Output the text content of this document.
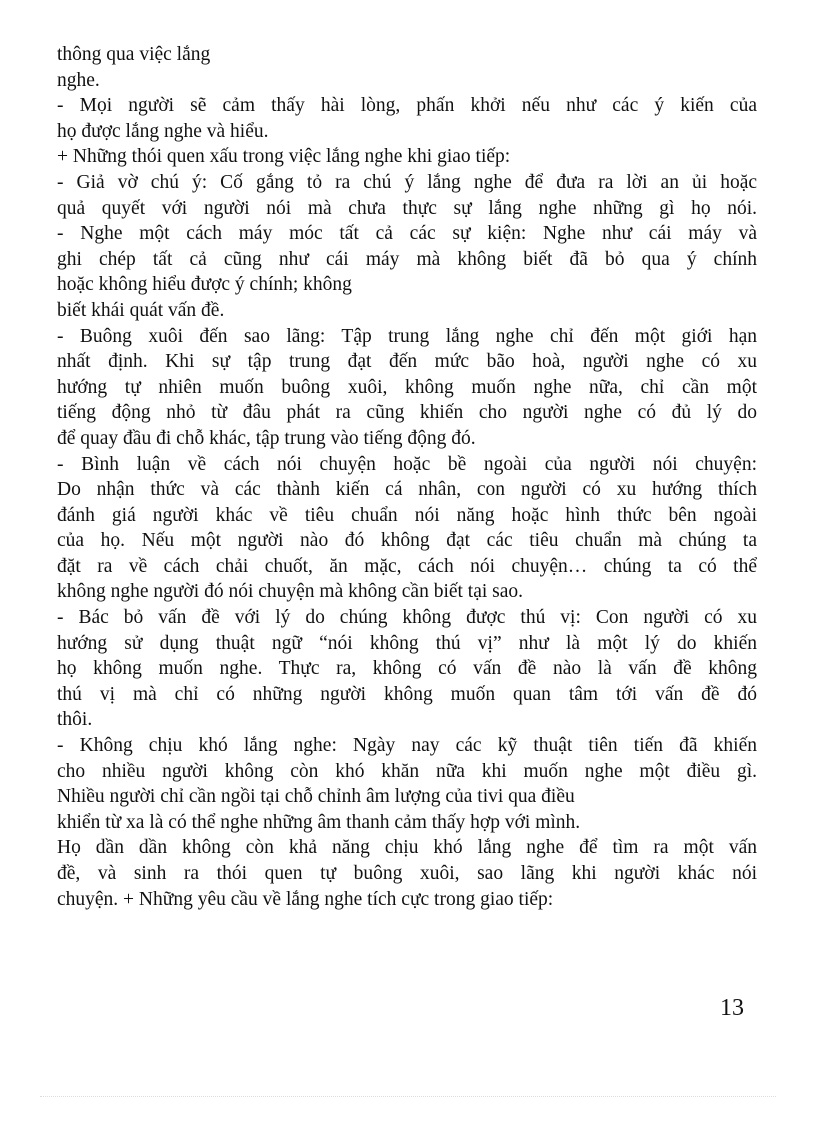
thông qua việc lắng
nghe.
- Mọi người sẽ cảm thấy hài lòng, phấn khởi nếu như các ý kiến của
họ được lắng nghe và hiểu.
+ Những thói quen xấu trong việc lắng nghe khi giao tiếp:
- Giả vờ chú ý: Cố gắng tỏ ra chú ý lắng nghe để đưa ra lời an ủi hoặc
quả quyết với người nói mà chưa thực sự lắng nghe những gì họ nói.
- Nghe một cách máy móc tất cả các sự kiện: Nghe như cái máy và
ghi chép tất cả cũng như cái máy mà không biết đã bỏ qua ý chính
hoặc không hiểu được ý chính; không
biết khái quát vấn đề.
- Buông xuôi đến sao lãng: Tập trung lắng nghe chỉ đến một giới hạn
nhất định. Khi sự tập trung đạt đến mức bão hoà, người nghe có xu
hướng tự nhiên muốn buông xuôi, không muốn nghe nữa, chỉ cần một
tiếng động nhỏ từ đâu phát ra cũng khiến cho người nghe có đủ lý do
để quay đầu đi chỗ khác, tập trung vào tiếng động đó.
- Bình luận về cách nói chuyện hoặc bề ngoài của người nói chuyện:
Do nhận thức và các thành kiến cá nhân, con người có xu hướng thích
đánh giá người khác về tiêu chuẩn nói năng hoặc hình thức bên ngoài
của họ. Nếu một người nào đó không đạt các tiêu chuẩn mà chúng ta
đặt ra về cách chải chuốt, ăn mặc, cách nói chuyện… chúng ta có thể
không nghe người đó nói chuyện mà không cần biết tại sao.
- Bác bỏ vấn đề với lý do chúng không được thú vị: Con người có xu
hướng sử dụng thuật ngữ “nói không thú vị” như là một lý do khiến
họ không muốn nghe. Thực ra, không có vấn đề nào là vấn đề không
thú vị mà chỉ có những người không muốn quan tâm tới vấn đề đó
thôi.
- Không chịu khó lắng nghe: Ngày nay các kỹ thuật tiên tiến đã khiến
cho nhiều người không còn khó khăn nữa khi muốn nghe một điều gì.
Nhiều người chỉ cần ngồi tại chỗ chỉnh âm lượng của tivi qua điều
khiển từ xa là có thể nghe những âm thanh cảm thấy hợp với mình.
Họ dần dần không còn khả năng chịu khó lắng nghe để tìm ra một vấn
đề, và sinh ra thói quen tự buông xuôi, sao lãng khi người khác nói
chuyện. + Những yêu cầu về lắng nghe tích cực trong giao tiếp:
13
